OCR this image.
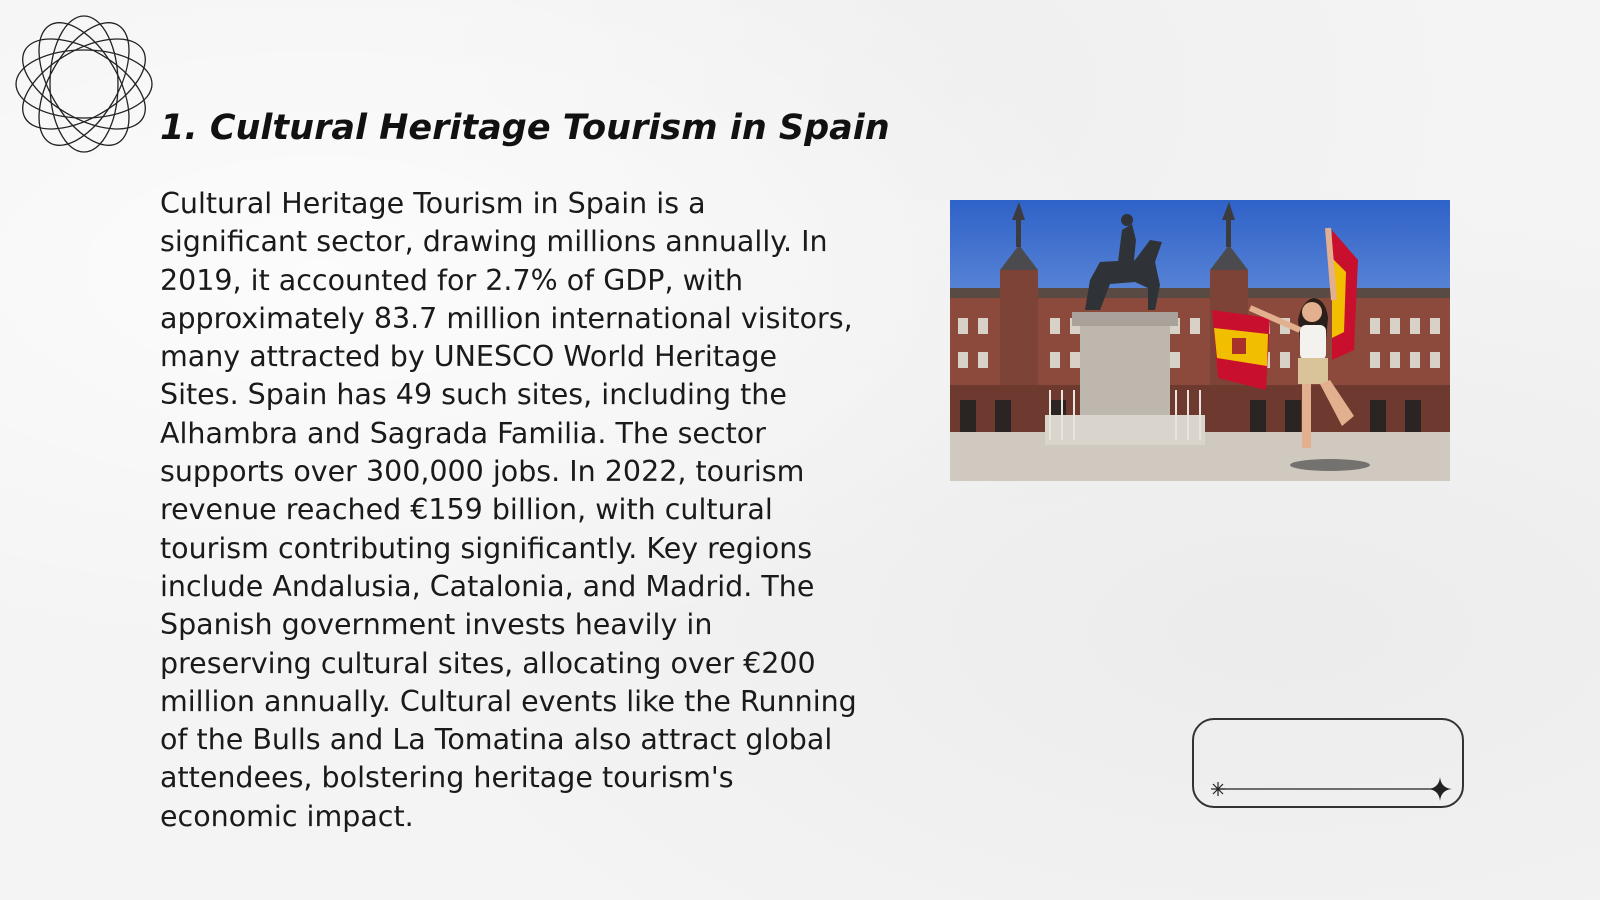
1. Cultural Heritage Tourism in Spain

Cultural Heritage Tourism in Spain is a significant sector, drawing millions annually. In 2019, it accounted for 2.7% of GDP, with approximately 83.7 million international visitors, many attracted by UNESCO World Heritage Sites. Spain has 49 such sites, including the Alhambra and Sagrada Familia. The sector supports over 300,000 jobs. In 2022, tourism revenue reached €159 billion, with cultural tourism contributing significantly. Key regions include Andalusia, Catalonia, and Madrid. The Spanish government invests heavily in preserving cultural sites, allocating over €200 million annually. Cultural events like the Running of the Bulls and La Tomatina also attract global attendees, bolstering heritage tourism's economic impact.
